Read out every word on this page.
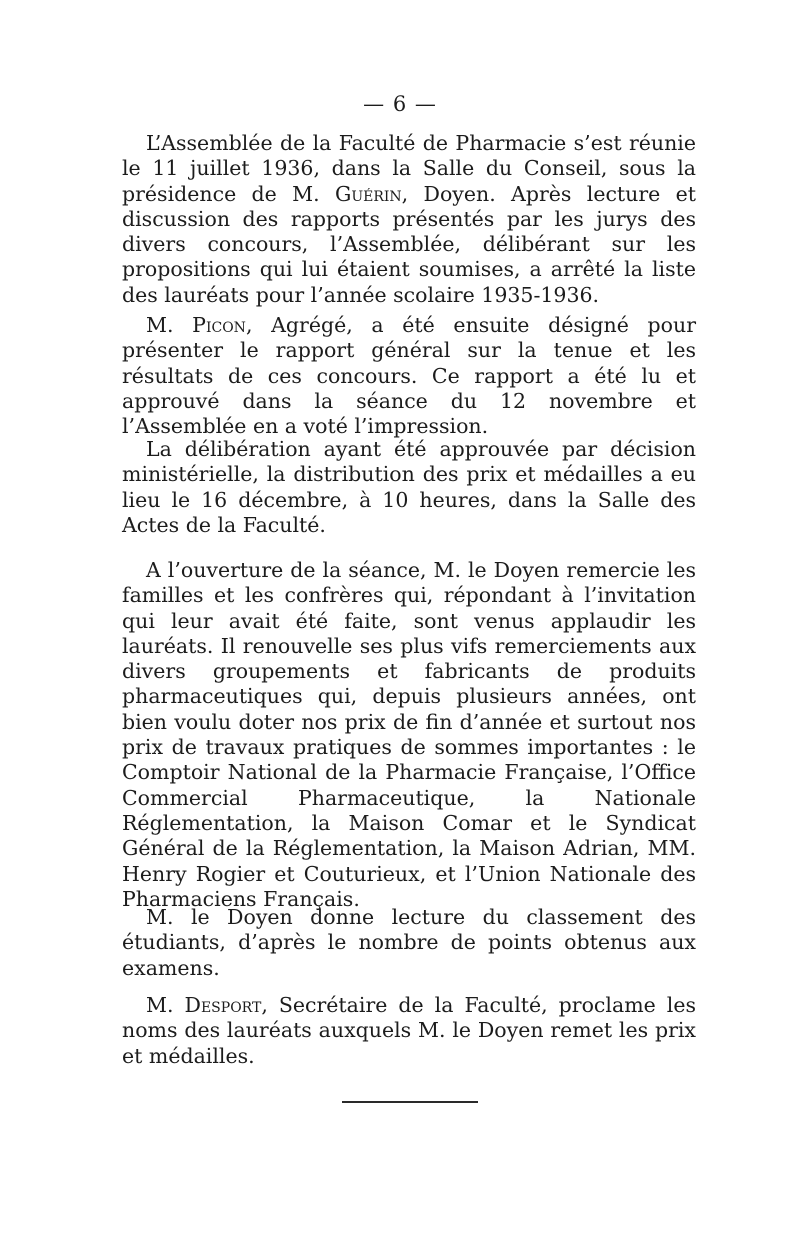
— 6 —

L’Assemblée de la Faculté de Pharmacie s’est réunie le 11 juillet 1936, dans la Salle du Conseil, sous la présidence de M. Guérin, Doyen. Après lecture et discussion des rapports présentés par les jurys des divers concours, l’Assemblée, délibérant sur les propositions qui lui étaient soumises, a arrêté la liste des lauréats pour l’année scolaire 1935-1936.

M. Picon, Agrégé, a été ensuite désigné pour présenter le rapport général sur la tenue et les résultats de ces concours. Ce rapport a été lu et approuvé dans la séance du 12 novembre et l’Assemblée en a voté l’impression.

La délibération ayant été approuvée par décision ministérielle, la distribution des prix et médailles a eu lieu le 16 décembre, à 10 heures, dans la Salle des Actes de la Faculté.

A l’ouverture de la séance, M. le Doyen remercie les familles et les confrères qui, répondant à l’invitation qui leur avait été faite, sont venus applaudir les lauréats. Il renouvelle ses plus vifs remerciements aux divers groupements et fabricants de produits pharmaceutiques qui, depuis plusieurs années, ont bien voulu doter nos prix de fin d’année et surtout nos prix de travaux pratiques de sommes importantes : le Comptoir National de la Pharmacie Française, l’Office Commercial Pharmaceutique, la Nationale Réglementation, la Maison Comar et le Syndicat Général de la Réglementation, la Maison Adrian, MM. Henry Rogier et Couturieux, et l’Union Nationale des Pharmaciens Français.

M. le Doyen donne lecture du classement des étudiants, d’après le nombre de points obtenus aux examens.

M. Desport, Secrétaire de la Faculté, proclame les noms des lauréats auxquels M. le Doyen remet les prix et médailles.
